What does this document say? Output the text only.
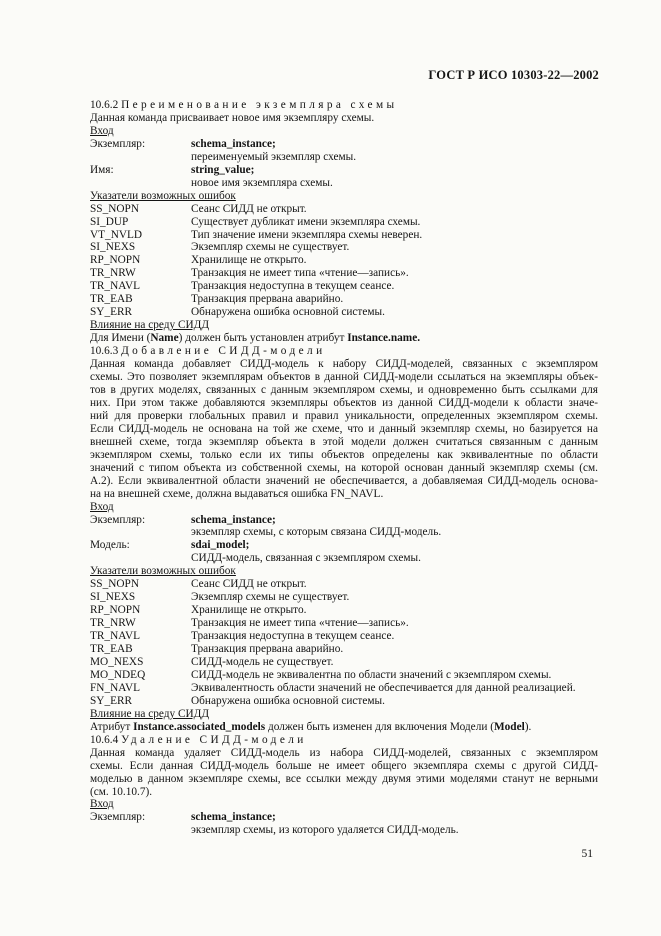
ГОСТ Р ИСО 10303-22—2002
10.6.2 Переименование экземпляра схемы
Данная команда присваивает новое имя экземпляру схемы.
Вход
Экземпляр:	schema_instance;
переименуемый экземпляр схемы.
Имя:	string_value;
новое имя экземпляра схемы.
Указатели возможных ошибок
SS_NOPN	Сеанс СИДД не открыт.
SI_DUP	Существует дубликат имени экземпляра схемы.
VT_NVLD	Тип значение имени экземпляра схемы неверен.
SI_NEXS	Экземпляр схемы не существует.
RP_NOPN	Хранилище не открыто.
TR_NRW	Транзакция не имеет типа «чтение—запись».
TR_NAVL	Транзакция недоступна в текущем сеансе.
TR_EAB	Транзакция прервана аварийно.
SY_ERR	Обнаружена ошибка основной системы.
Влияние на среду СИДД
Для Имени (Name) должен быть установлен атрибут Instance.name.
10.6.3 Добавление СИДД-модели
Данная команда добавляет СИДД-модель к набору СИДД-моделей, связанных с экземпляром
схемы. Это позволяет экземплярам объектов в данной СИДД-модели ссылаться на экземпляры объек-
тов в других моделях, связанных с данным экземпляром схемы, и одновременно быть ссылками для
них. При этом также добавляются экземпляры объектов из данной СИДД-модели к области значе-
ний для проверки глобальных правил и правил уникальности, определенных экземпляром схемы.
Если СИДД-модель не основана на той же схеме, что и данный экземпляр схемы, но базируется на
внешней схеме, тогда экземпляр объекта в этой модели должен считаться связанным с данным
экземпляром схемы, только если их типы объектов определены как эквивалентные по области
значений с типом объекта из собственной схемы, на которой основан данный экземпляр схемы (см.
А.2). Если эквивалентной области значений не обеспечивается, а добавляемая СИДД-модель основа-
на на внешней схеме, должна выдаваться ошибка FN_NAVL.
Вход
Экземпляр:	schema_instance;
экземпляр схемы, с которым связана СИДД-модель.
Модель:	sdai_model;
СИДД-модель, связанная с экземпляром схемы.
Указатели возможных ошибок
SS_NOPN	Сеанс СИДД не открыт.
SI_NEXS	Экземпляр схемы не существует.
RP_NOPN	Хранилище не открыто.
TR_NRW	Транзакция не имеет типа «чтение—запись».
TR_NAVL	Транзакция недоступна в текущем сеансе.
TR_EAB	Транзакция прервана аварийно.
MO_NEXS	СИДД-модель не существует.
MO_NDEQ	СИДД-модель не эквивалентна по области значений с экземпляром схемы.
FN_NAVL	Эквивалентность области значений не обеспечивается для данной реализацией.
SY_ERR	Обнаружена ошибка основной системы.
Влияние на среду СИДД
Атрибут Instance.associated_models должен быть изменен для включения Модели (Model).
10.6.4 Удаление СИДД-модели
Данная команда удаляет СИДД-модель из набора СИДД-моделей, связанных с экземпляром
схемы. Если данная СИДД-модель больше не имеет общего экземпляра схемы с другой СИДД-
моделью в данном экземпляре схемы, все ссылки между двумя этими моделями станут не верными
(см. 10.10.7).
Вход
Экземпляр:	schema_instance;
экземпляр схемы, из которого удаляется СИДД-модель.
51
